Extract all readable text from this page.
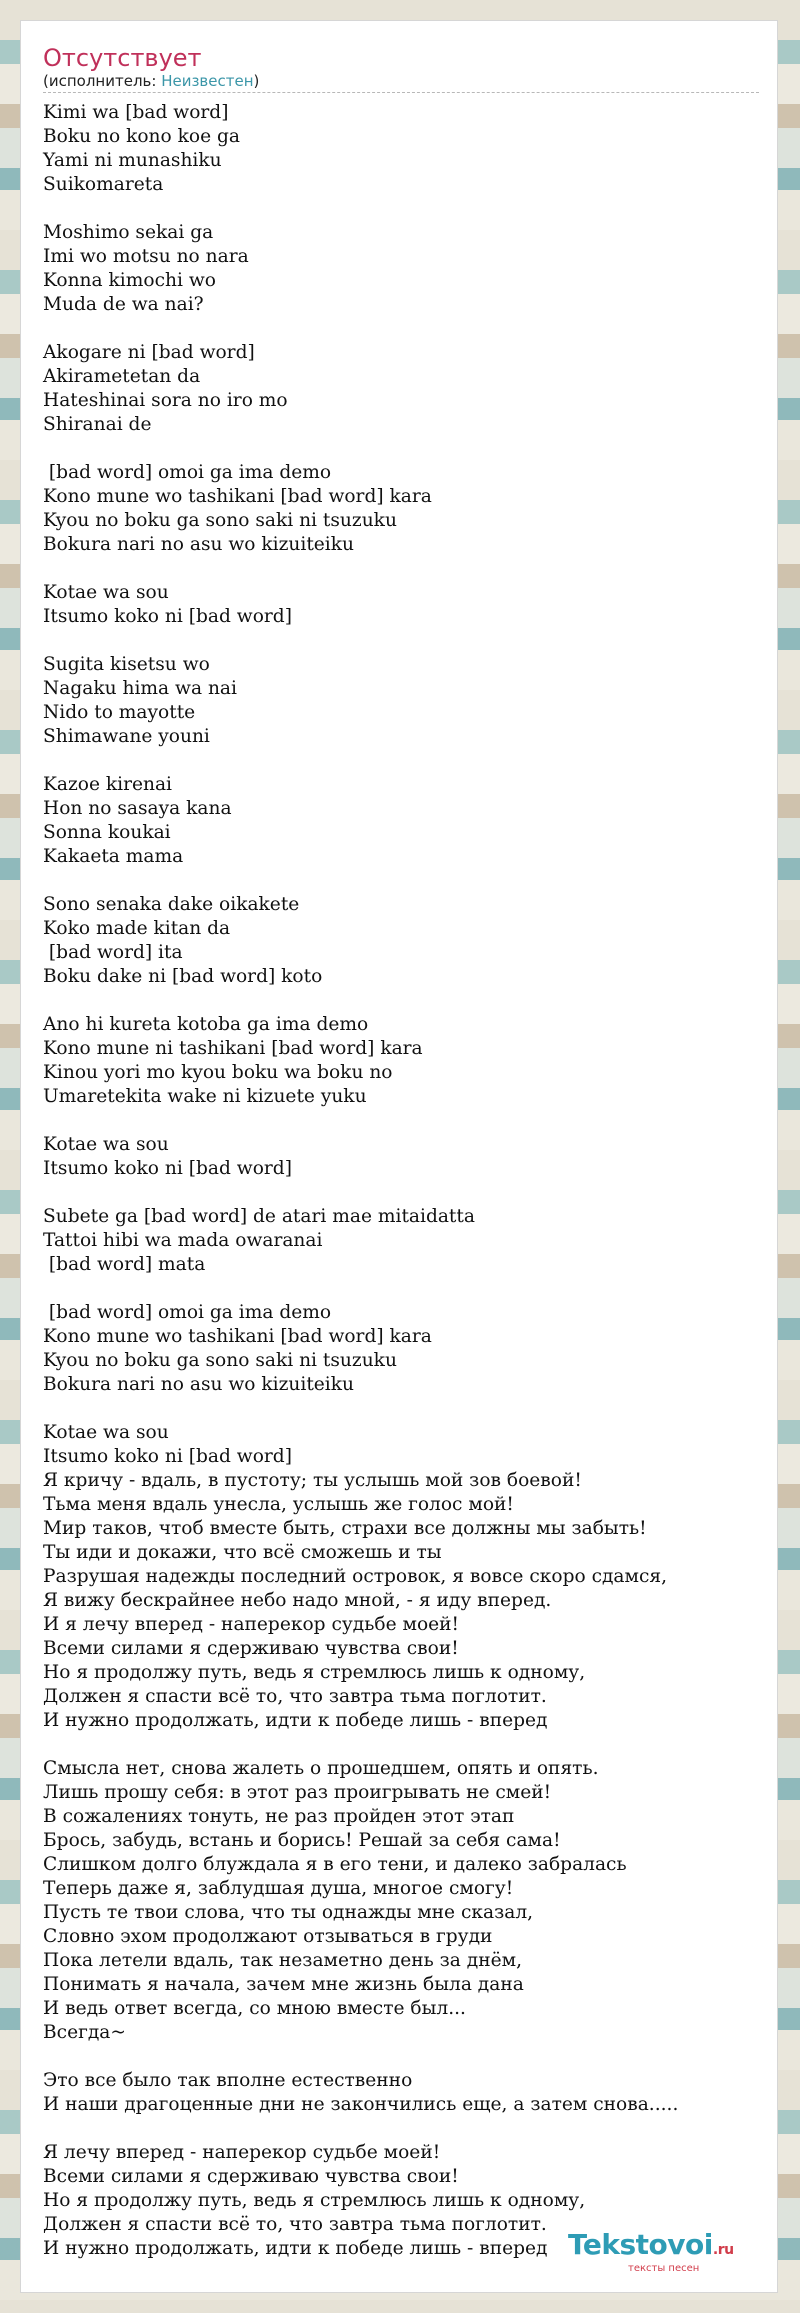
Отсутствует
(исполнитель: Неизвестен)
Kimi wa [bad word]
Boku no kono koe ga
Yami ni munashiku
Suikomareta

Moshimo sekai ga
Imi wo motsu no nara
Konna kimochi wo
Muda de wa nai?

Akogare ni [bad word]
Akirametetan da
Hateshinai sora no iro mo
Shiranai de

[bad word] omoi ga ima demo
Kono mune wo tashikani [bad word] kara
Kyou no boku ga sono saki ni tsuzuku
Bokura nari no asu wo kizuiteiku

Kotae wa sou
Itsumo koko ni [bad word]

Sugita kisetsu wo
Nagaku hima wa nai
Nido to mayotte
Shimawane youni

Kazoe kirenai
Hon no sasaya kana
Sonna koukai
Kakaeta mama

Sono senaka dake oikakete
Koko made kitan da
[bad word] ita
Boku dake ni [bad word] koto

Ano hi kureta kotoba ga ima demo
Kono mune ni tashikani [bad word] kara
Kinou yori mo kyou boku wa boku no
Umaretekita wake ni kizuete yuku

Kotae wa sou
Itsumo koko ni [bad word]

Subete ga [bad word] de atari mae mitaidatta
Tattoi hibi wa mada owaranai
[bad word] mata

[bad word] omoi ga ima demo
Kono mune wo tashikani [bad word] kara
Kyou no boku ga sono saki ni tsuzuku
Bokura nari no asu wo kizuiteiku

Kotae wa sou
Itsumo koko ni [bad word]
Я кричу - вдаль, в пустоту; ты услышь мой зов боевой!
Тьма меня вдаль унесла, услышь же голос мой!
Мир таков, чтоб вместе быть, страхи все должны мы забыть!
Ты иди и докажи, что всё сможешь и ты
Разрушая надежды последний островок, я вовсе скоро сдамся,
Я вижу бескрайнее небо надо мной, - я иду вперед.
И я лечу вперед - наперекор судьбе моей!
Всеми силами я сдерживаю чувства свои!
Но я продолжу путь, ведь я стремлюсь лишь к одному,
Должен я спасти всё то, что завтра тьма поглотит.
И нужно продолжать, идти к победе лишь - вперед

Смысла нет, снова жалеть о прошедшем, опять и опять.
Лишь прошу себя: в этот раз проигрывать не смей!
В сожалениях тонуть, не раз пройден этот этап
Брось, забудь, встань и борись! Решай за себя сама!
Слишком долго блуждала я в его тени, и далеко забралась
Теперь даже я, заблудшая душа, многое смогу!
Пусть те твои слова, что ты однажды мне сказал,
Словно эхом продолжают отзываться в груди
Пока летели вдаль, так незаметно день за днём,
Понимать я начала, зачем мне жизнь была дана
И ведь ответ всегда, со мною вместе был...
Всегда~

Это все было так вполне естественно
И наши драгоценные дни не закончились еще, а затем снова.....

Я лечу вперед - наперекор судьбе моей!
Всеми силами я сдерживаю чувства свои!
Но я продолжу путь, ведь я стремлюсь лишь к одному,
Должен я спасти всё то, что завтра тьма поглотит.
И нужно продолжать, идти к победе лишь - вперед Tekstovoi.ru
тексты песен
